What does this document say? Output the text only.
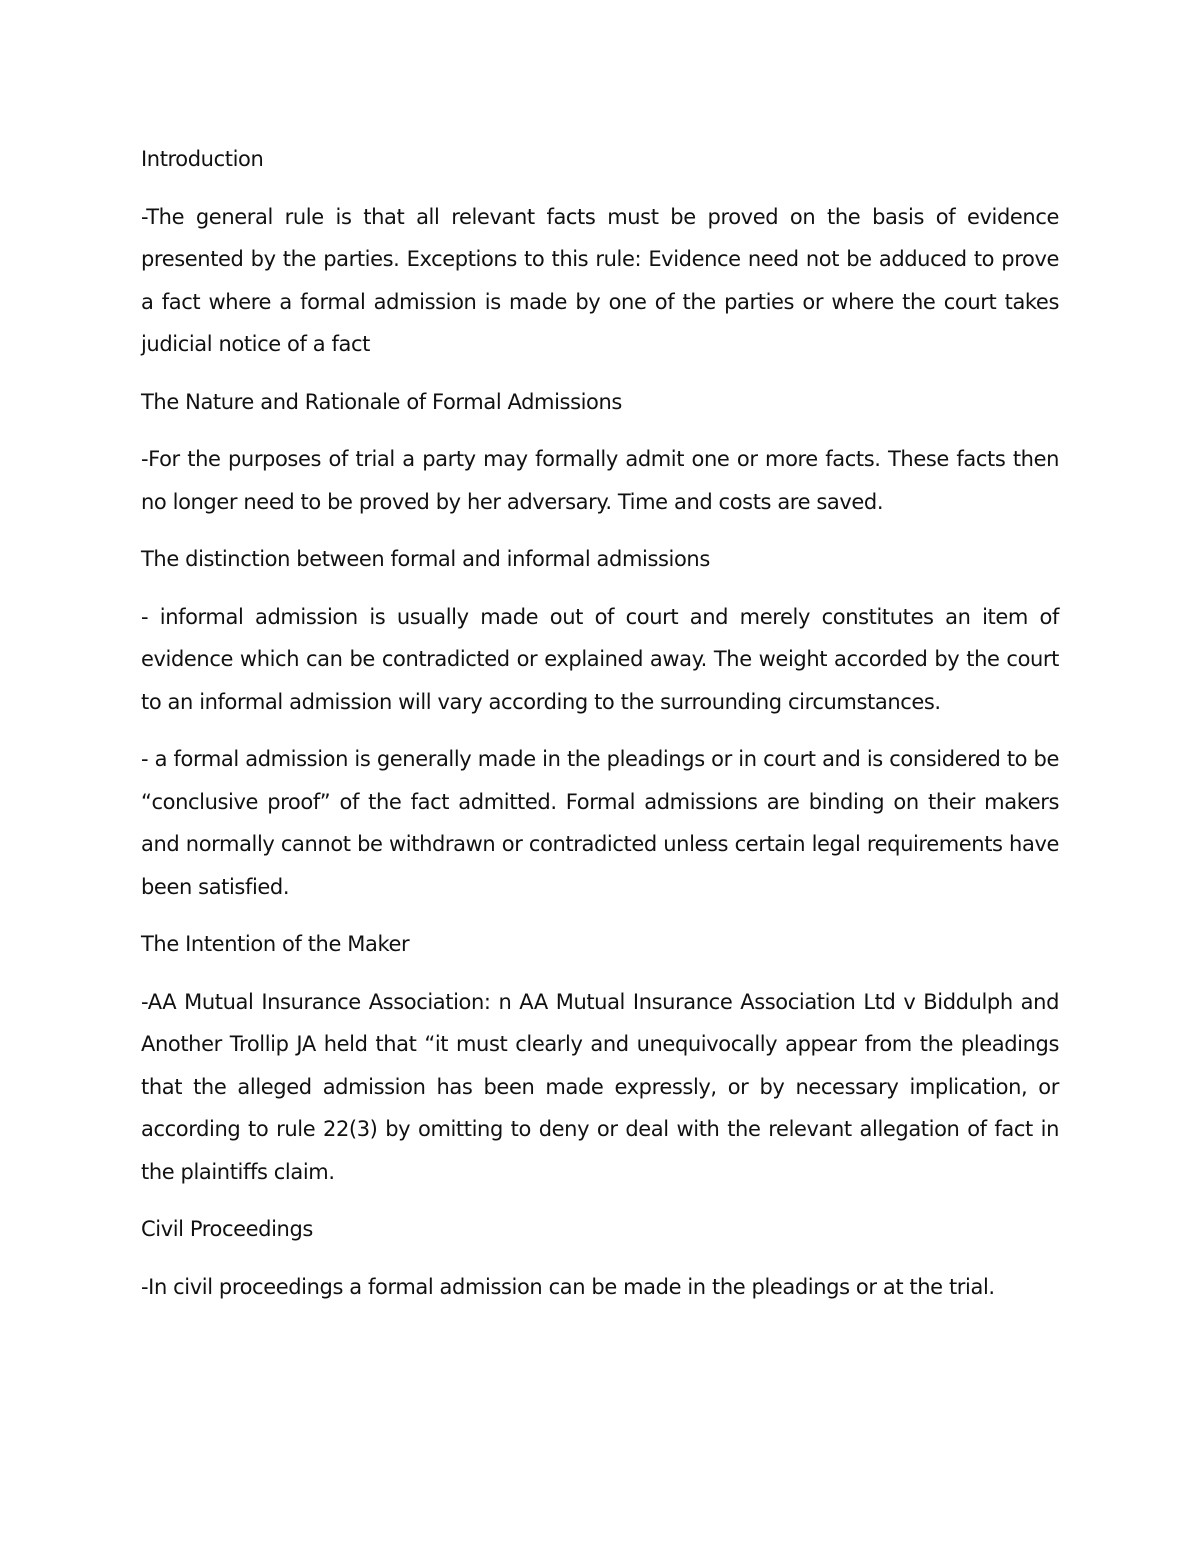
Introduction

-The general rule is that all relevant facts must be proved on the basis of evidence presented by the parties. Exceptions to this rule: Evidence need not be adduced to prove a fact where a formal admission is made by one of the parties or where the court takes judicial notice of a fact

The Nature and Rationale of Formal Admissions

-For the purposes of trial a party may formally admit one or more facts. These facts then no longer need to be proved by her adversary. Time and costs are saved.

The distinction between formal and informal admissions

- informal admission is usually made out of court and merely constitutes an item of evidence which can be contradicted or explained away. The weight accorded by the court to an informal admission will vary according to the surrounding circumstances.

- a formal admission is generally made in the pleadings or in court and is considered to be “conclusive proof” of the fact admitted. Formal admissions are binding on their makers and normally cannot be withdrawn or contradicted unless certain legal requirements have been satisfied.

The Intention of the Maker

-AA Mutual Insurance Association: n AA Mutual Insurance Association Ltd v Biddulph and Another Trollip JA held that “it must clearly and unequivocally appear from the pleadings that the alleged admission has been made expressly, or by necessary implication, or according to rule 22(3) by omitting to deny or deal with the relevant allegation of fact in the plaintiffs claim.

Civil Proceedings

-In civil proceedings a formal admission can be made in the pleadings or at the trial.
